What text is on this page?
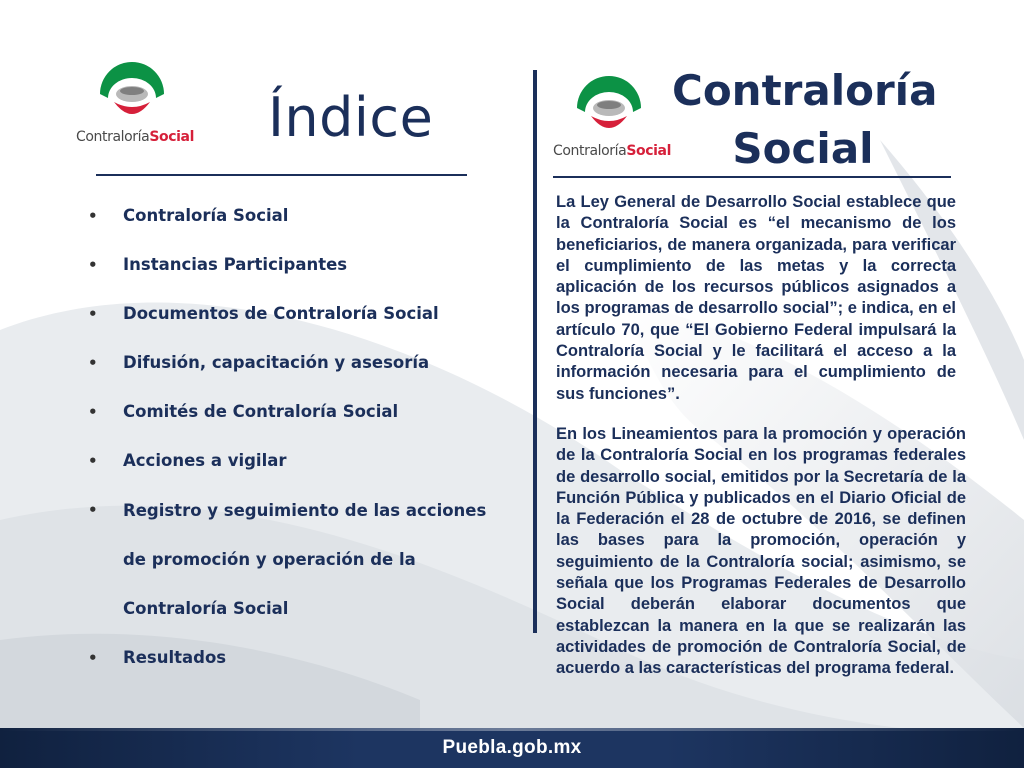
ContraloríaSocial Índice
• Contraloría Social
• Instancias Participantes
• Documentos de Contraloría Social
• Difusión, capacitación y asesoría
• Comités de Contraloría Social
• Acciones a vigilar
• Registro y seguimiento de las acciones de promoción y operación de la Contraloría Social
• Resultados
ContraloríaSocial
Contraloría Social

La Ley General de Desarrollo Social establece que la Contraloría Social es “el mecanismo de los beneficiarios, de manera organizada, para verificar el cumplimiento de las metas y la correcta aplicación de los recursos públicos asignados a los programas de desarrollo social”; e indica, en el artículo 70, que “El Gobierno Federal impulsará la Contraloría Social y le facilitará el acceso a la información necesaria para el cumplimiento de sus funciones”.

En los Lineamientos para la promoción y operación de la Contraloría Social en los programas federales de desarrollo social, emitidos por la Secretaría de la Función Pública y publicados en el Diario Oficial de la Federación el 28 de octubre de 2016, se definen las bases para la promoción, operación y seguimiento de la Contraloría social; asimismo, se señala que los Programas Federales de Desarrollo Social deberán elaborar documentos que establezcan la manera en la que se realizarán las actividades de promoción de Contraloría Social, de acuerdo a las características del programa federal.

Puebla.gob.mx
